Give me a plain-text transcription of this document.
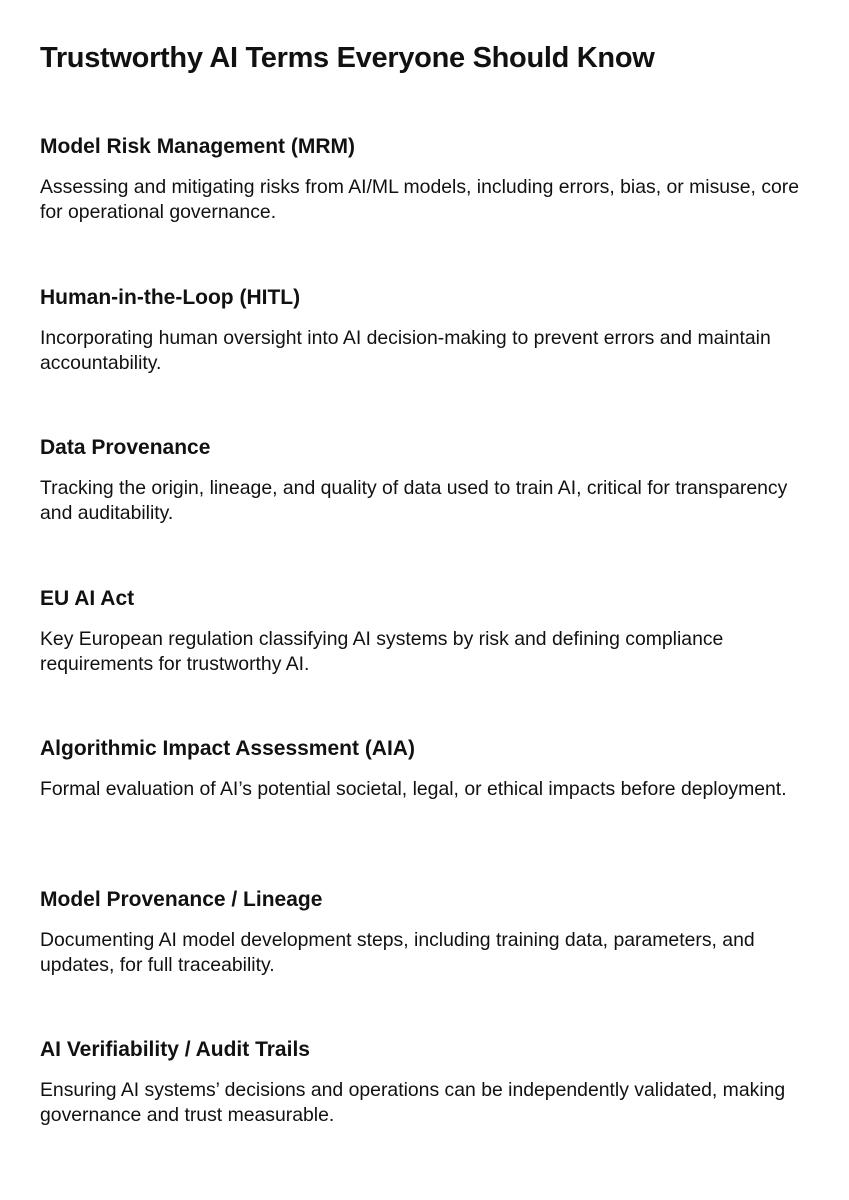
Trustworthy AI Terms Everyone Should Know
Model Risk Management (MRM)

Assessing and mitigating risks from AI/ML models, including errors, bias, or misuse, core for operational governance.

Human-in-the-Loop (HITL)

Incorporating human oversight into AI decision-making to prevent errors and maintain accountability.

Data Provenance

Tracking the origin, lineage, and quality of data used to train AI, critical for transparency and auditability.

EU AI Act

Key European regulation classifying AI systems by risk and defining compliance requirements for trustworthy AI.

Algorithmic Impact Assessment (AIA)

Formal evaluation of AI’s potential societal, legal, or ethical impacts before deployment.

Model Provenance / Lineage

Documenting AI model development steps, including training data, parameters, and updates, for full traceability.

AI Verifiability / Audit Trails

Ensuring AI systems’ decisions and operations can be independently validated, making governance and trust measurable.
